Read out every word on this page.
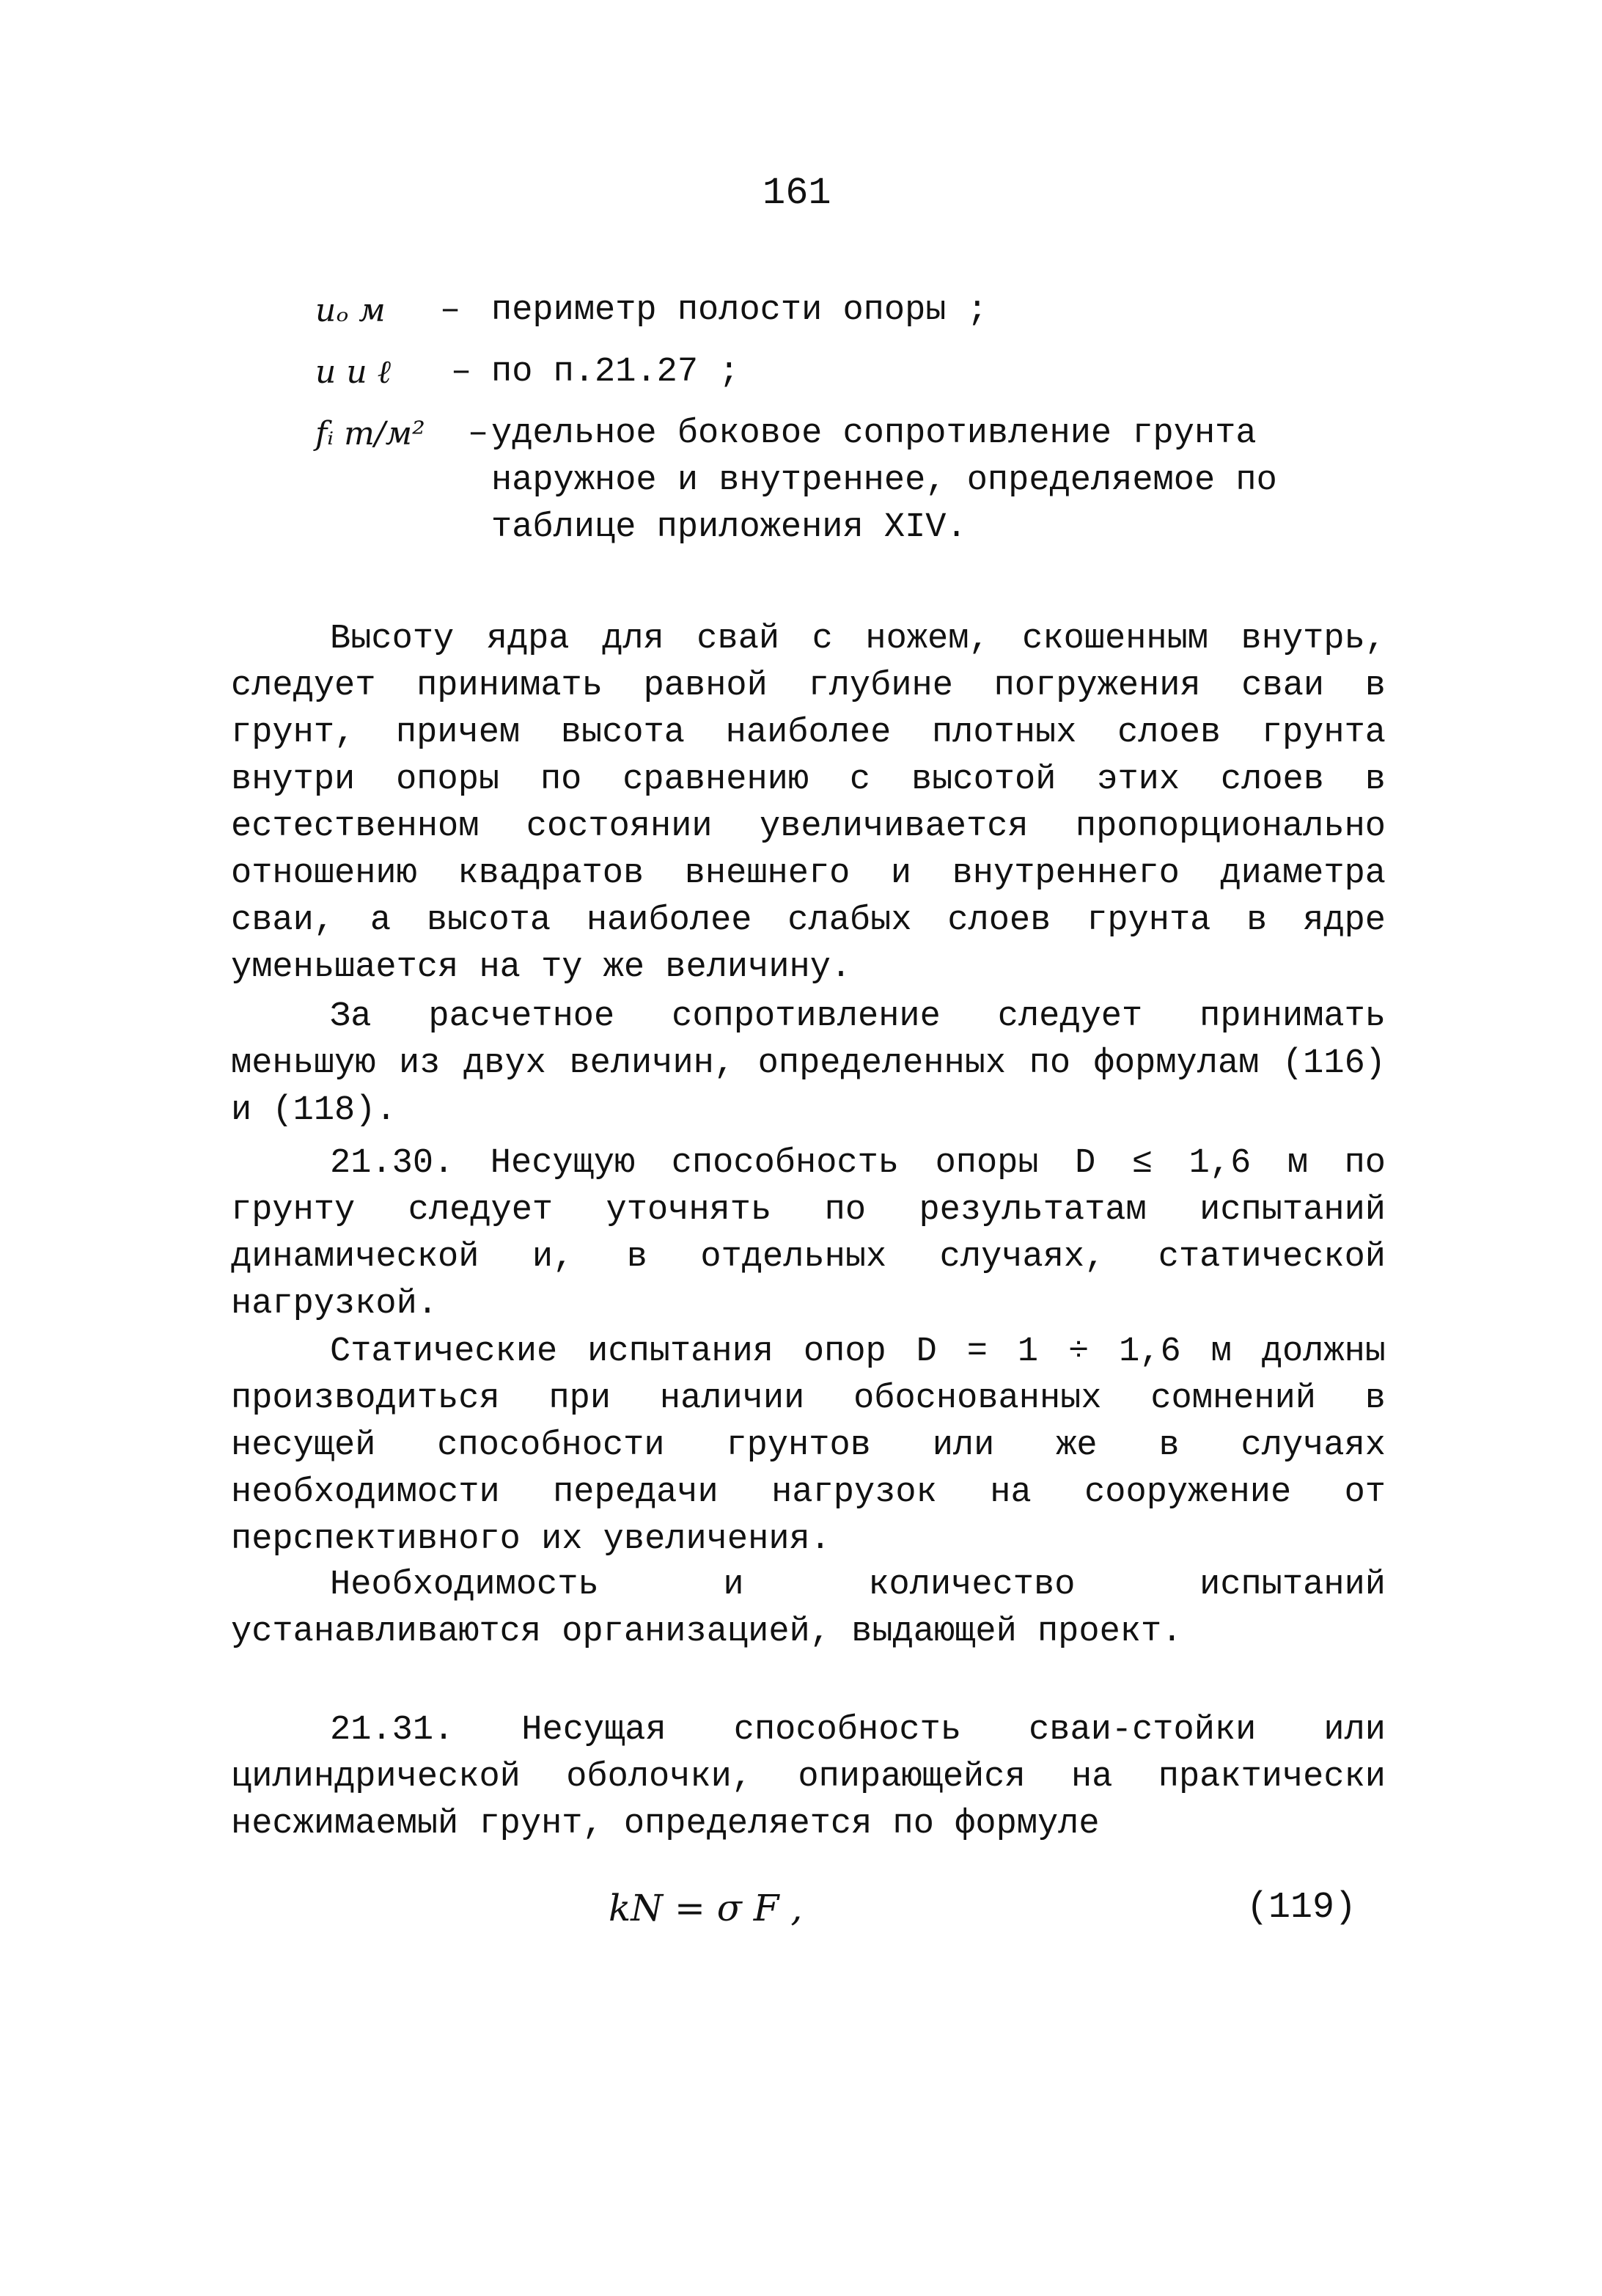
161
uₒ м	– периметр полости опоры ;
u и ℓ	– по п.21.27 ;
fᵢ т/м²	– удельное боковое сопротивление грунта наружное и внутреннее, определяемое по таблице приложения XIV.
Высоту ядра для свай с ножем, скошенным внутрь, следует принимать равной глубине погружения сваи в грунт, причем высота наиболее плотных слоев грунта внутри опоры по сравнению с высотой этих слоев в естественном состоянии увеличивается пропорционально отношению квадратов внешнего и внутреннего диаметра сваи, а высота наиболее слабых слоев грунта в ядре уменьшается на ту же величину.
За расчетное сопротивление следует принимать меньшую из двух величин, определенных по формулам (116) и (118).
21.30. Несущую способность опоры D ≤ 1,6 м по грунту следует уточнять по результатам испытаний динамической и, в отдельных случаях, статической нагрузкой.
Статические испытания опор D = 1 ÷ 1,6 м должны производиться при наличии обоснованных сомнений в несущей способности грунтов или же в случаях необходимости передачи нагрузок на сооружение от перспективного их увеличения.
Необходимость и количество испытаний устанавливаются организацией, выдающей проект.
21.31. Несущая способность сваи-стойки или цилиндрической оболочки, опирающейся на практически несжимаемый грунт, определяется по формуле
kN = σ F ,	(119)
